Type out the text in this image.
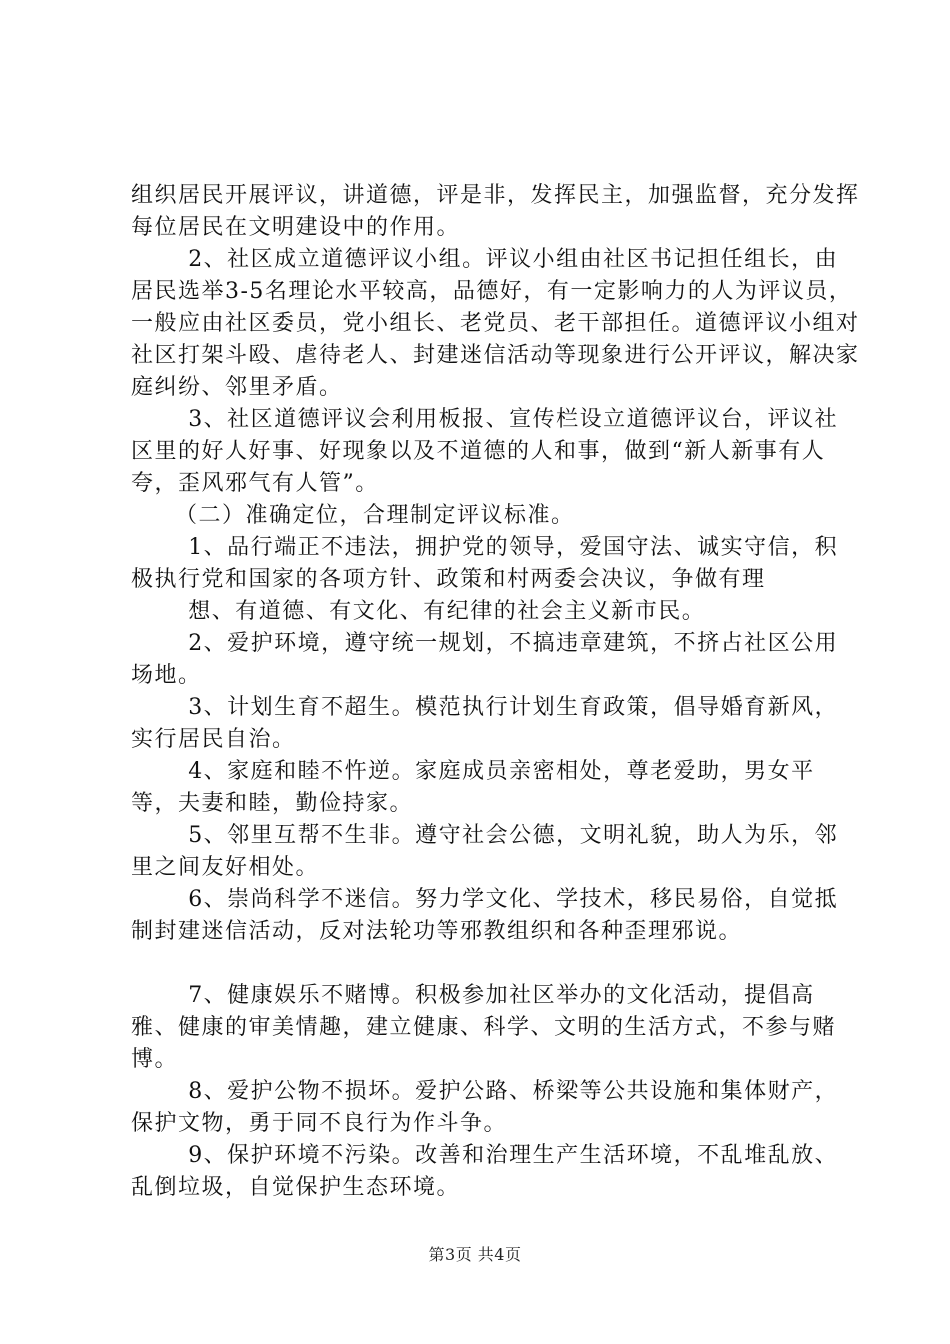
组织居民开展评议，讲道德，评是非，发挥民主，加强监督，充分发挥每位居民在文明建设中的作用。

2、社区成立道德评议小组。评议小组由社区书记担任组长，由居民选举3-5名理论水平较高，品德好，有一定影响力的人为评议员，一般应由社区委员，党小组长、老党员、老干部担任。道德评议小组对社区打架斗殴、虐待老人、封建迷信活动等现象进行公开评议，解决家庭纠纷、邻里矛盾。

3、社区道德评议会利用板报、宣传栏设立道德评议台，评议社区里的好人好事、好现象以及不道德的人和事，做到“新人新事有人夸，歪风邪气有人管”。

（二）准确定位，合理制定评议标准。

1、品行端正不违法，拥护党的领导，爱国守法、诚实守信，积极执行党和国家的各项方针、政策和村两委会决议，争做有理

想、有道德、有文化、有纪律的社会主义新市民。

2、爱护环境，遵守统一规划，不搞违章建筑，不挤占社区公用场地。

3、计划生育不超生。模范执行计划生育政策，倡导婚育新风，实行居民自治。

4、家庭和睦不忤逆。家庭成员亲密相处，尊老爱助，男女平等，夫妻和睦，勤俭持家。

5、邻里互帮不生非。遵守社会公德，文明礼貌，助人为乐，邻里之间友好相处。

6、崇尚科学不迷信。努力学文化、学技术，移民易俗，自觉抵制封建迷信活动，反对法轮功等邪教组织和各种歪理邪说。

7、健康娱乐不赌博。积极参加社区举办的文化活动，提倡高雅、健康的审美情趣，建立健康、科学、文明的生活方式，不参与赌博。

8、爱护公物不损坏。爱护公路、桥梁等公共设施和集体财产，保护文物，勇于同不良行为作斗争。

9、保护环境不污染。改善和治理生产生活环境，不乱堆乱放、乱倒垃圾，自觉保护生态环境。

第3页 共4页
